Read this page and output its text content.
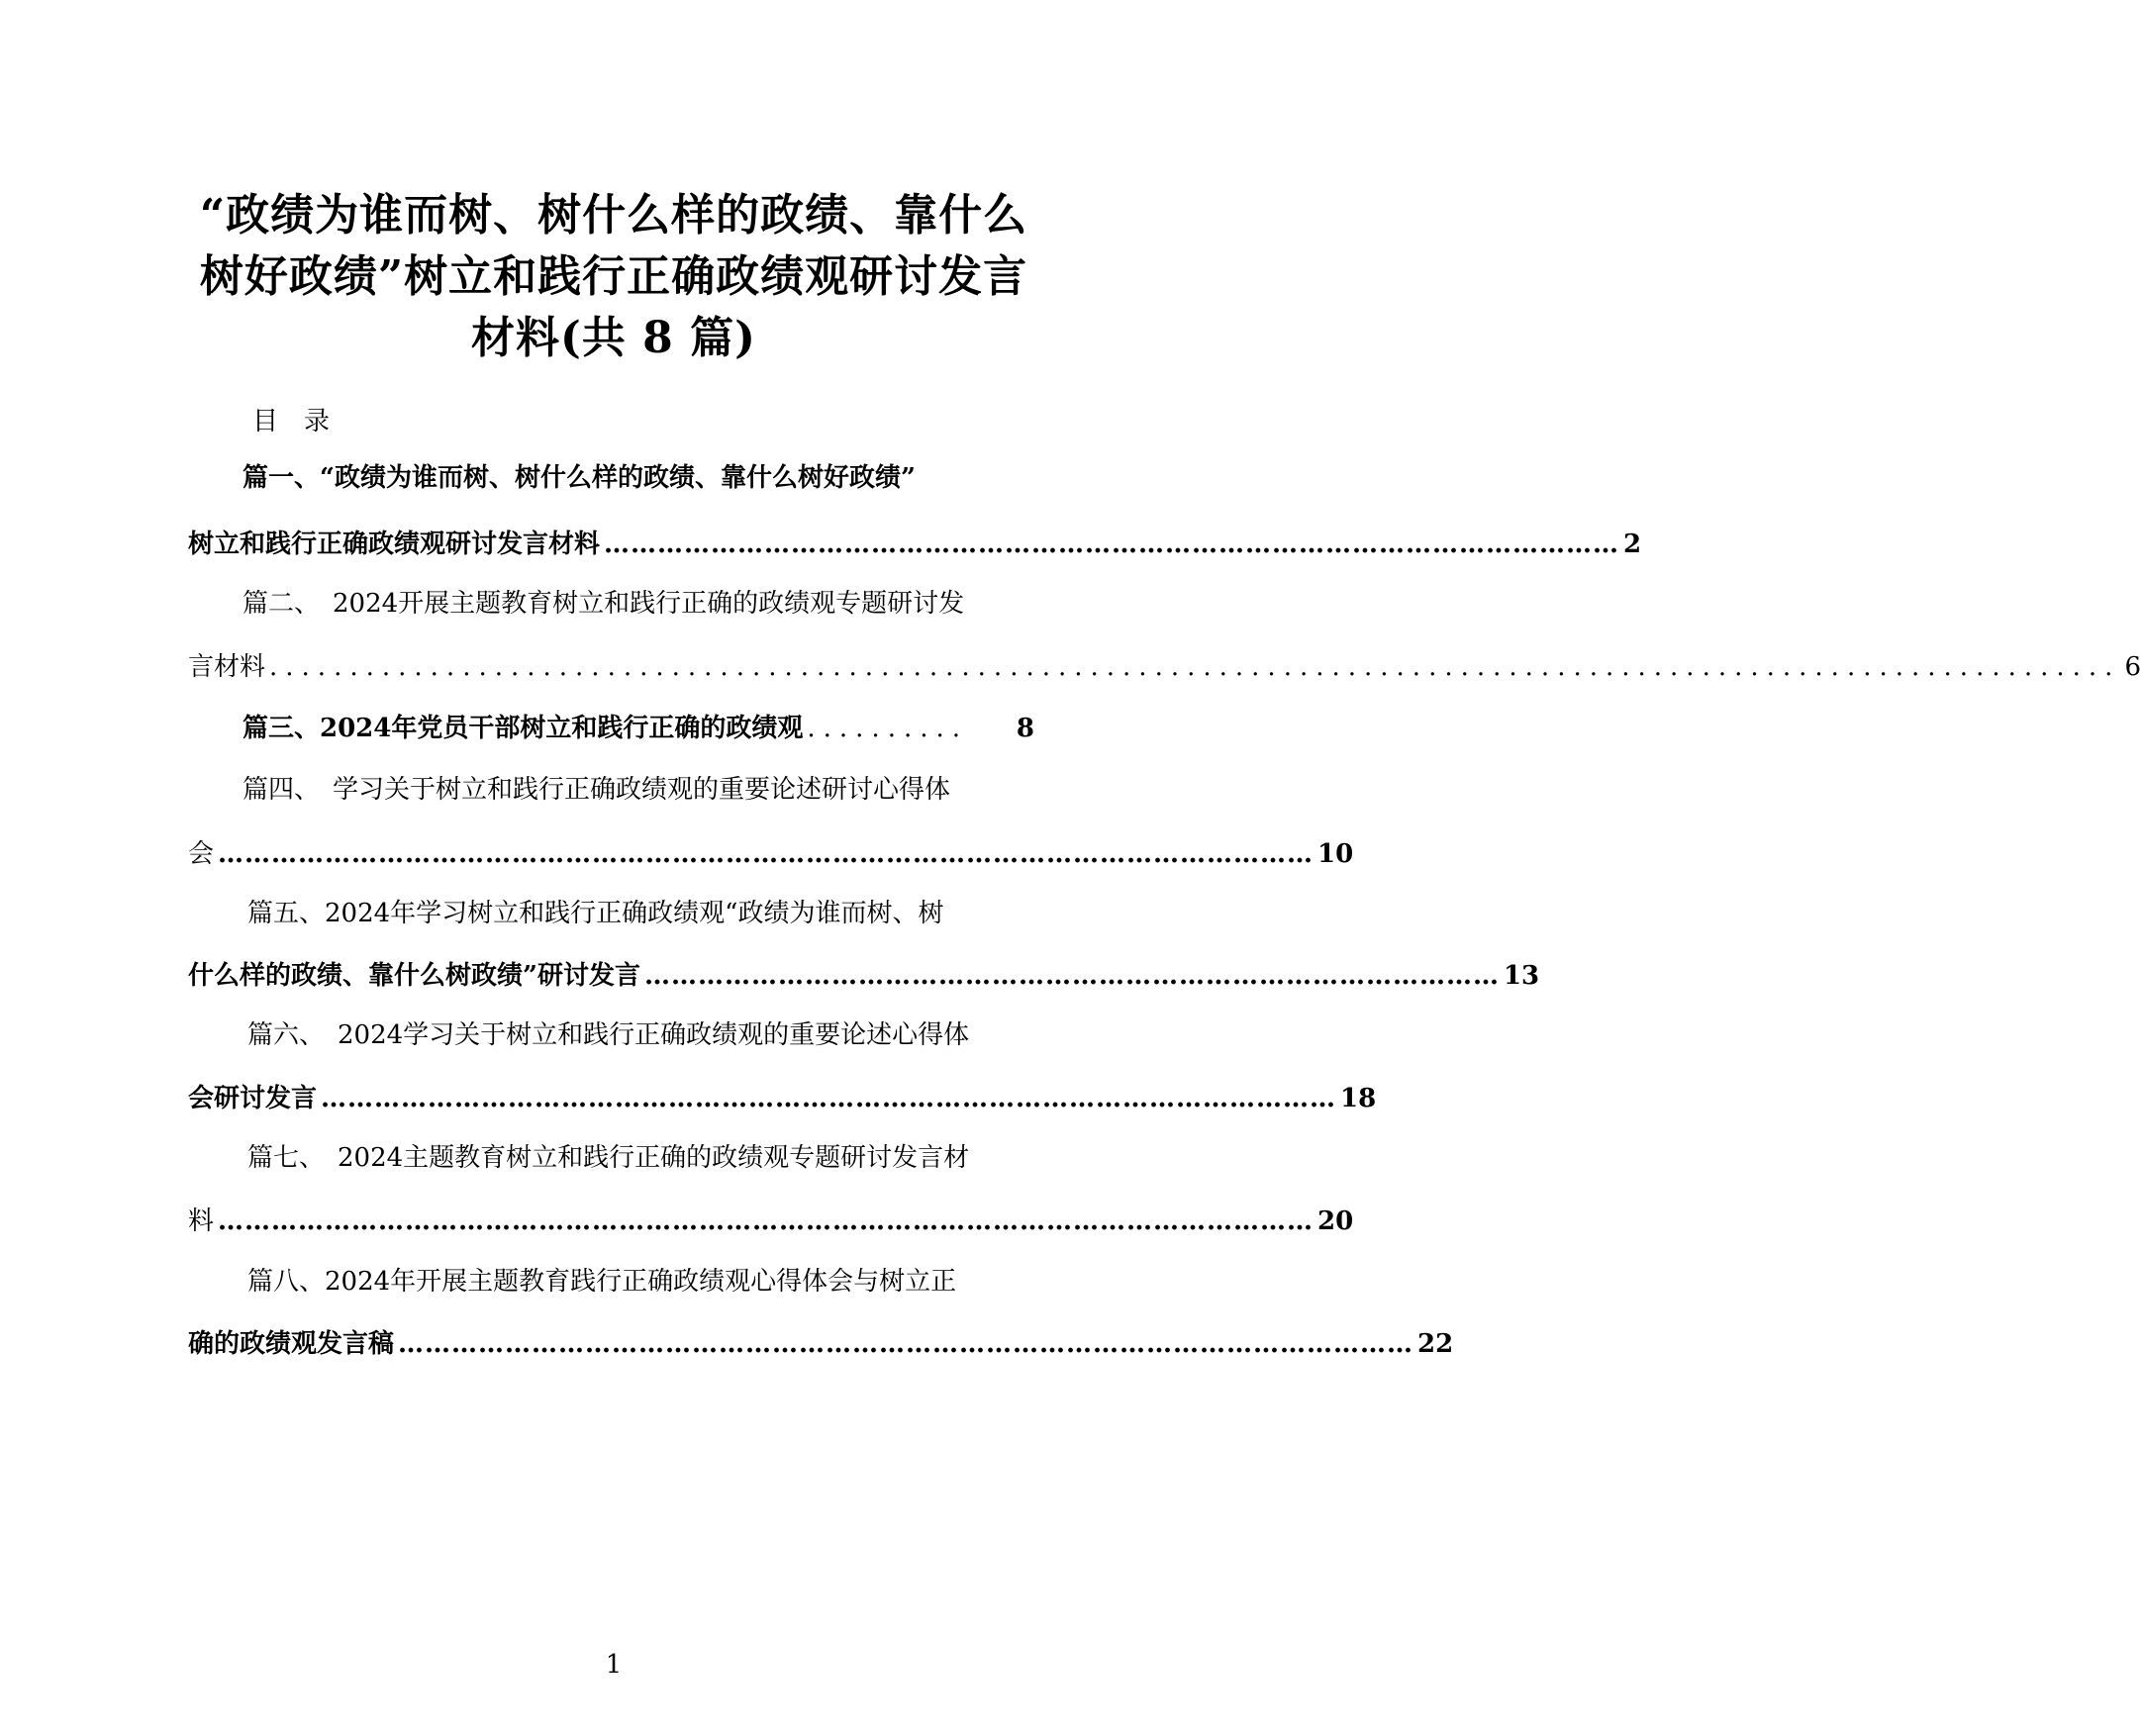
“政绩为谁而树、树什么样的政绩、靠什么
树好政绩”树立和践行正确政绩观研讨发言
材料(共 8 篇)
目　录
篇一、“政绩为谁而树、树什么样的政绩、靠什么树好政绩”
树立和践行正确政绩观研讨发言材料 …………………………………………………………………………………………………… 2
篇二、　2024开展主题教育树立和践行正确的政绩观专题研讨发
言材料 ................................................................................................................... 6
篇三、2024年党员干部树立和践行正确的政绩观 ..........	8
篇四、　学习关于树立和践行正确政绩观的重要论述研讨心得体
会 …………………………………………………………………………………………………………… 10
篇五、2024年学习树立和践行正确政绩观“政绩为谁而树、树
什么样的政绩、靠什么树政绩”研讨发言 …………………………………………………………………………………… 13
篇六、　2024学习关于树立和践行正确政绩观的重要论述心得体
会研讨发言 …………………………………………………………………………………………………… 18
篇七、　2024主题教育树立和践行正确的政绩观专题研讨发言材
料 …………………………………………………………………………………………………………… 20
篇八、2024年开展主题教育践行正确政绩观心得体会与树立正
确的政绩观发言稿 …………………………………………………………………………………………………… 22
1
